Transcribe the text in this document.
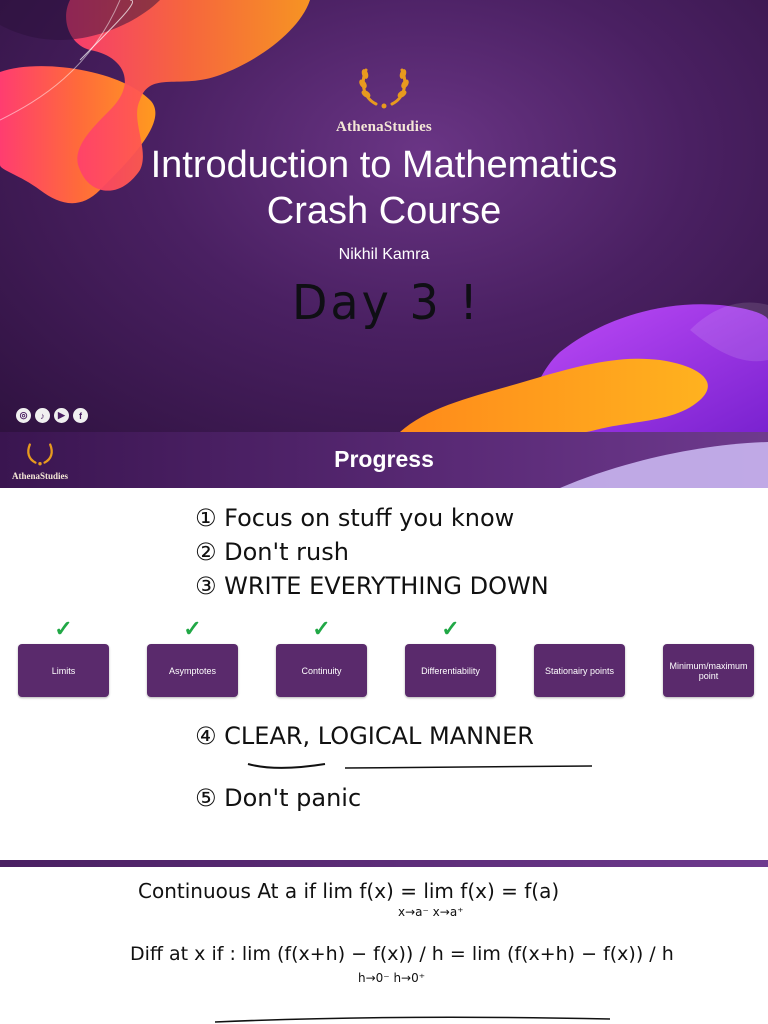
AthenaStudies
Introduction to Mathematics
Crash Course
Nikhil Kamra
Day 3 !
◎	♪	▶	f
AthenaStudies
Progress
① Focus on stuff you know
② Don't rush
③ WRITE EVERYTHING DOWN
✓	✓	✓	✓
Limits	Asymptotes	Continuity	Differentiability	Stationairy points	Minimum/maximum point
④ CLEAR, LOGICAL MANNER
⑤ Don't panic
Continuous At a if lim f(x) = lim f(x) = f(a)
x→a⁻ x→a⁺
Diff at x if : lim (f(x+h) − f(x)) / h = lim (f(x+h) − f(x)) / h
h→0⁻ h→0⁺
